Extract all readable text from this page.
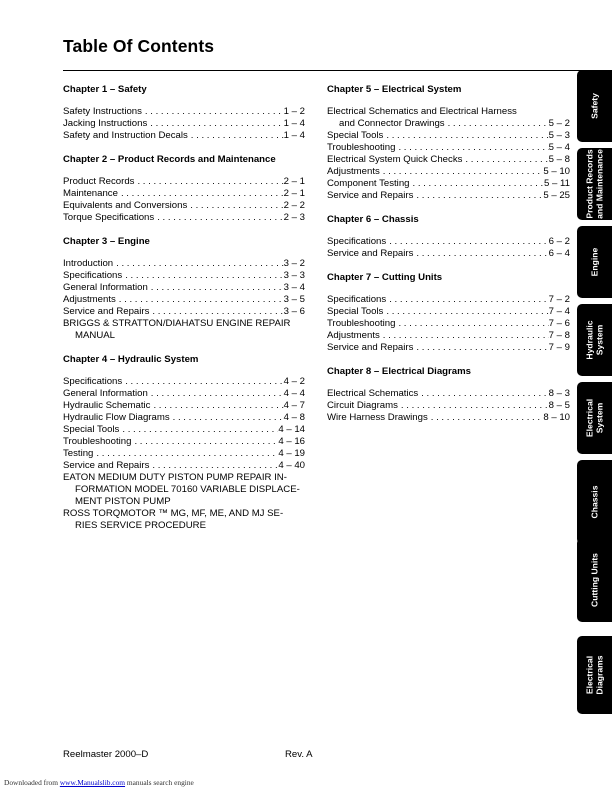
Table Of Contents
Chapter 1 – Safety
Safety Instructions . . .	1 – 2
Jacking Instructions . . .	1 – 4
Safety and Instruction Decals . . .	1 – 4
Chapter 2 – Product Records and Maintenance
Product Records . . .	2 – 1
Maintenance . . .	2 – 1
Equivalents and Conversions . . .	2 – 2
Torque Specifications . . .	2 – 3
Chapter 3 – Engine
Introduction . . .	3 – 2
Specifications . . .	3 – 3
General Information . . .	3 – 4
Adjustments . . .	3 – 5
Service and Repairs . . .	3 – 6
BRIGGS & STRATTON/DIAHATSU ENGINE REPAIR
MANUAL
Chapter 4 – Hydraulic System
Specifications . . .	4 – 2
General Information . . .	4 – 4
Hydraulic Schematic . . .	4 – 7
Hydraulic Flow Diagrams . . .	4 – 8
Special Tools . . .	4 – 14
Troubleshooting . . .	4 – 16
Testing . . .	4 – 19
Service and Repairs . . .	4 – 40
EATON MEDIUM DUTY PISTON PUMP REPAIR IN-
FORMATION MODEL 70160 VARIABLE DISPLACE-
MENT PISTON PUMP
ROSS TORQMOTOR ™ MG, MF, ME, AND MJ SE-
RIES SERVICE PROCEDURE
Chapter 5 – Electrical System
Electrical Schematics and Electrical Harness
and Connector Drawings . . .	5 – 2
Special Tools . . .	5 – 3
Troubleshooting . . .	5 – 4
Electrical System Quick Checks . . .	5 – 8
Adjustments . . .	5 – 10
Component Testing . . .	5 – 11
Service and Repairs . . .	5 – 25
Chapter 6 – Chassis
Specifications . . .	6 – 2
Service and Repairs . . .	6 – 4
Chapter 7 – Cutting Units
Specifications . . .	7 – 2
Special Tools . . .	7 – 4
Troubleshooting . . .	7 – 6
Adjustments . . .	7 – 8
Service and Repairs . . .	7 – 9
Chapter 8 – Electrical Diagrams
Electrical Schematics . . .	8 – 3
Circuit Diagrams . . .	8 – 5
Wire Harness Drawings . . .	8 – 10
Safety
Product Records and Maintenance
Engine
Hydraulic System
Electrical System
Chassis
Cutting Units
Electrical Diagrams
Reelmaster 2000–D	Rev. A
Downloaded from www.Manualslib.com manuals search engine
